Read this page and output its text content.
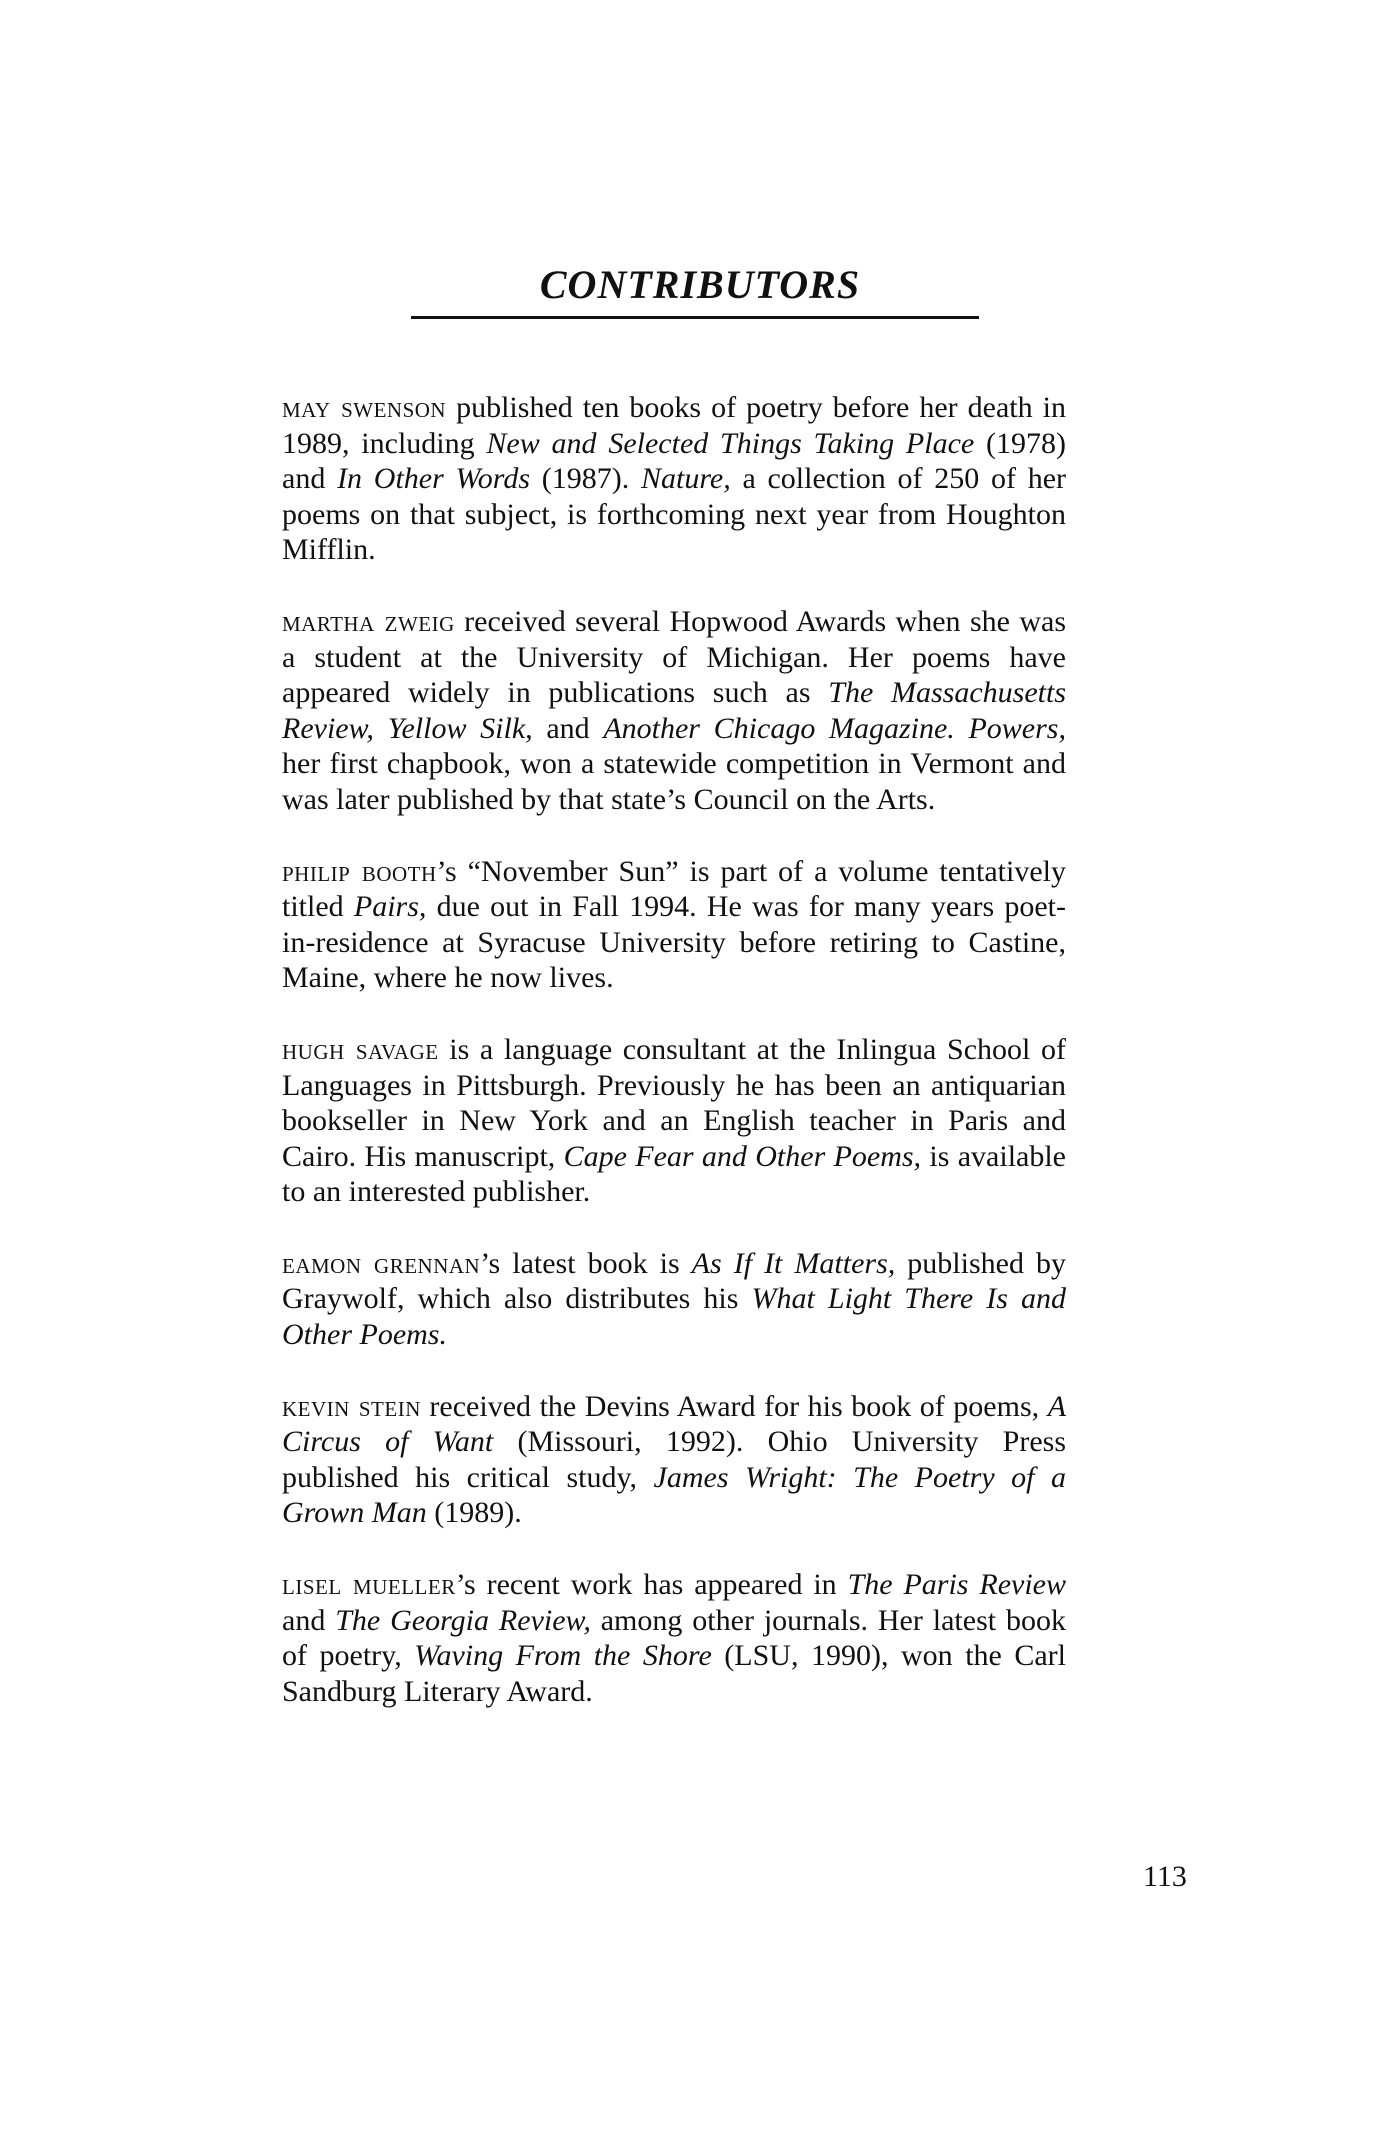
CONTRIBUTORS

may swenson published ten books of poetry before her death in 1989, including New and Selected Things Taking Place (1978) and In Other Words (1987). Nature, a collection of 250 of her poems on that subject, is forthcoming next year from Houghton Mifflin.

martha zweig received several Hopwood Awards when she was a student at the University of Michigan. Her poems have appeared widely in publications such as The Massachusetts Review, Yellow Silk, and Another Chicago Magazine. Powers, her first chapbook, won a statewide competition in Vermont and was later published by that state’s Council on the Arts.

philip booth’s “November Sun” is part of a volume tentatively titled Pairs, due out in Fall 1994. He was for many years poet-in-residence at Syracuse University before retiring to Castine, Maine, where he now lives.

hugh savage is a language consultant at the Inlingua School of Languages in Pittsburgh. Previously he has been an antiquarian bookseller in New York and an English teacher in Paris and Cairo. His manuscript, Cape Fear and Other Poems, is available to an interested publisher.

eamon grennan’s latest book is As If It Matters, published by Graywolf, which also distributes his What Light There Is and Other Poems.

kevin stein received the Devins Award for his book of poems, A Circus of Want (Missouri, 1992). Ohio University Press published his critical study, James Wright: The Poetry of a Grown Man (1989).

lisel mueller’s recent work has appeared in The Paris Review and The Georgia Review, among other journals. Her latest book of poetry, Waving From the Shore (LSU, 1990), won the Carl Sandburg Literary Award.

113
